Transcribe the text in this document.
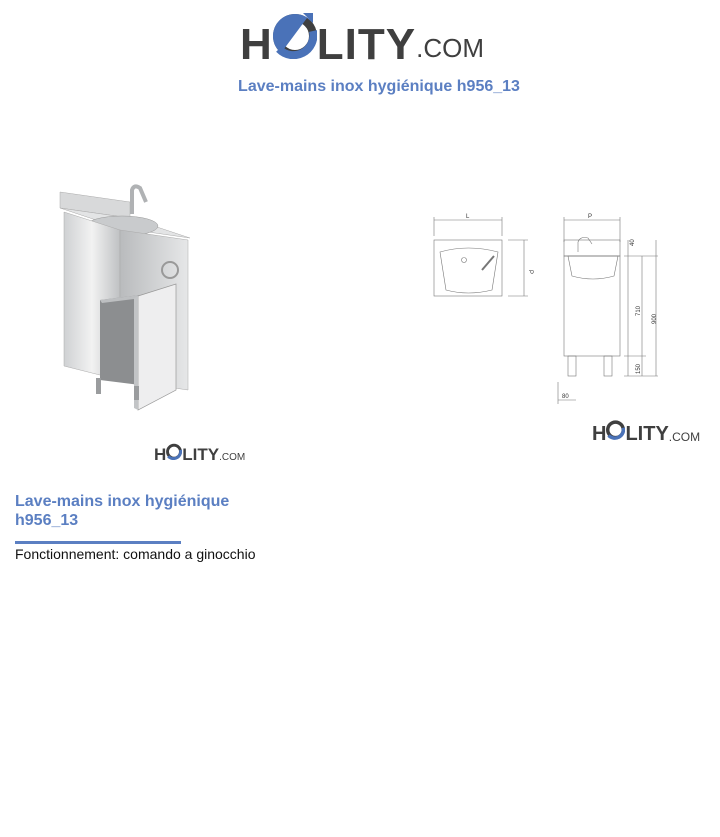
H LITY .COM
Lave-mains inox hygiénique h956_13
H LITY .COM
L	P
P
40
710
900
150
80
H LITY .COM
Lave-mains inox hygiénique h956_13
Fonctionnement: comando a ginocchio
